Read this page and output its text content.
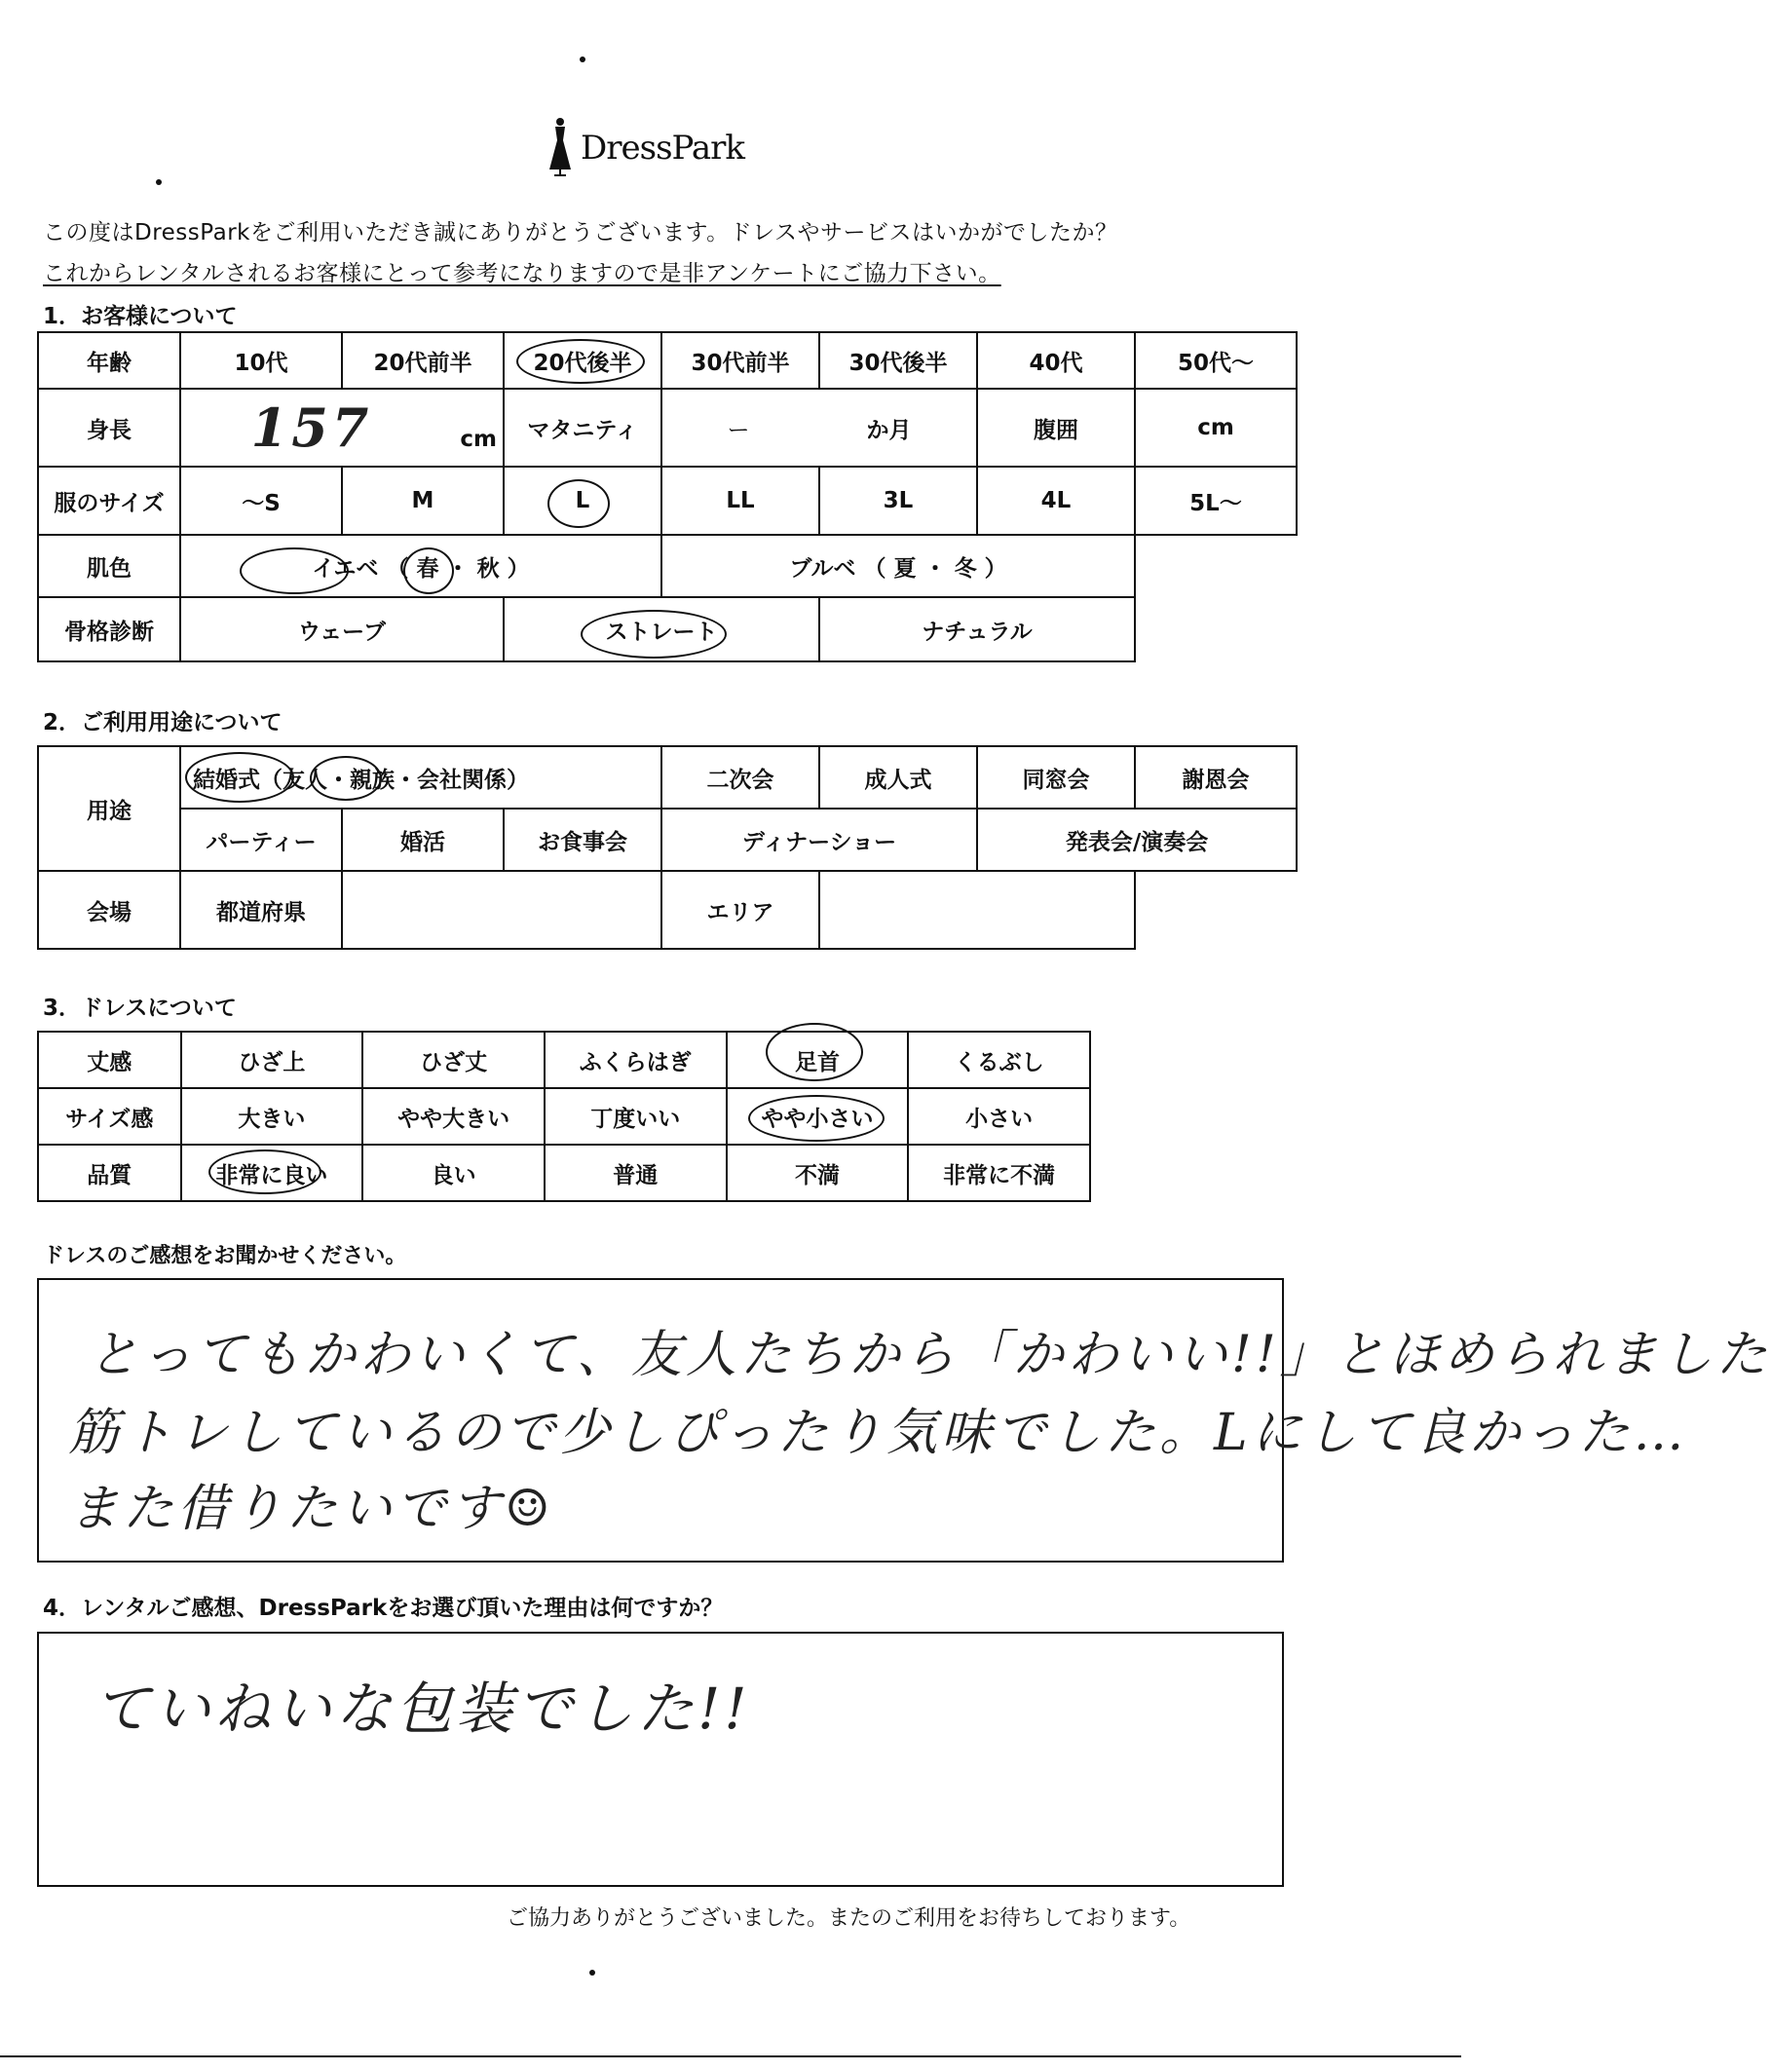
DressPark
この度はDressParkをご利用いただき誠にありがとうございます。ドレスやサービスはいかがでしたか？
これからレンタルされるお客様にとって参考になりますので是非アンケートにご協力下さい。
1．お客様について
年齢	10代	20代前半	20代後半	30代前半	30代後半	40代	50代～
身長	157 cm		マタニティ	ー か月		腹囲	cm
服のサイズ	～S	M	L	LL	3L	4L	5L～
肌色	イエベ （ 春 ・ 秋 ）			ブルベ （ 夏 ・ 冬 ）			
骨格診断	ウェーブ		ストレート		ナチュラル		
2．ご利用用途について
用途	結婚式（友人・親族・会社関係）			二次会	成人式	同窓会	謝恩会	
	パーティー	婚活	お食事会	ディナーショー		発表会/演奏会		
会場	都道府県			エリア				
3．ドレスについて
丈感	ひざ上	ひざ丈	ふくらはぎ	足首	くるぶし
サイズ感	大きい	やや大きい	丁度いい	やや小さい	小さい
品質	非常に良い	良い	普通	不満	非常に不満
ドレスのご感想をお聞かせください。
とってもかわいくて、友人たちから「かわいい!!」とほめられました
筋トレしているので少しぴったり気味でした。Lにして良かった…
また借りたいです☺
4．レンタルご感想、DressParkをお選び頂いた理由は何ですか？
ていねいな包装でした!!
ご協力ありがとうございました。またのご利用をお待ちしております。
